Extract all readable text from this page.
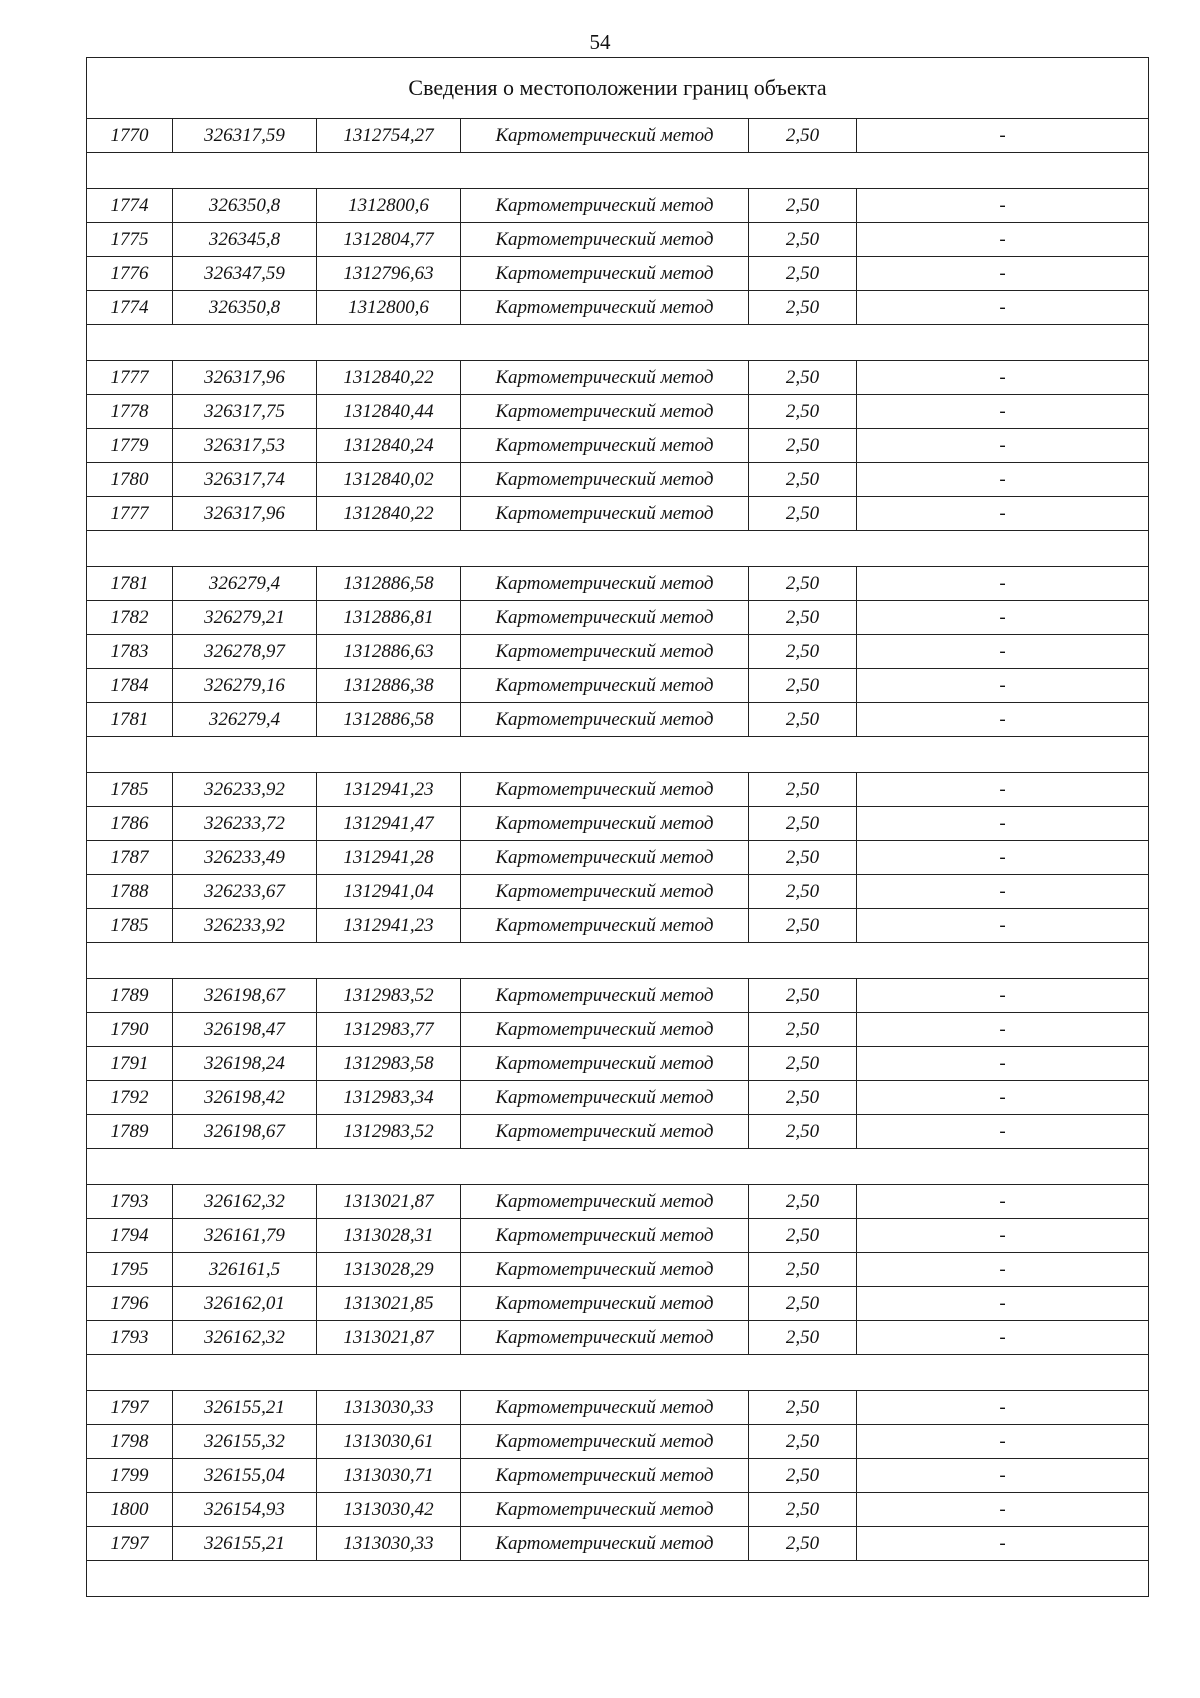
54
Сведения о местоположении границ объекта					
1770	326317,59	1312754,27	Картометрический метод	2,50	-

1774	326350,8	1312800,6	Картометрический метод	2,50	-
1775	326345,8	1312804,77	Картометрический метод	2,50	-
1776	326347,59	1312796,63	Картометрический метод	2,50	-
1774	326350,8	1312800,6	Картометрический метод	2,50	-

1777	326317,96	1312840,22	Картометрический метод	2,50	-
1778	326317,75	1312840,44	Картометрический метод	2,50	-
1779	326317,53	1312840,24	Картометрический метод	2,50	-
1780	326317,74	1312840,02	Картометрический метод	2,50	-
1777	326317,96	1312840,22	Картометрический метод	2,50	-

1781	326279,4	1312886,58	Картометрический метод	2,50	-
1782	326279,21	1312886,81	Картометрический метод	2,50	-
1783	326278,97	1312886,63	Картометрический метод	2,50	-
1784	326279,16	1312886,38	Картометрический метод	2,50	-
1781	326279,4	1312886,58	Картометрический метод	2,50	-

1785	326233,92	1312941,23	Картометрический метод	2,50	-
1786	326233,72	1312941,47	Картометрический метод	2,50	-
1787	326233,49	1312941,28	Картометрический метод	2,50	-
1788	326233,67	1312941,04	Картометрический метод	2,50	-
1785	326233,92	1312941,23	Картометрический метод	2,50	-

1789	326198,67	1312983,52	Картометрический метод	2,50	-
1790	326198,47	1312983,77	Картометрический метод	2,50	-
1791	326198,24	1312983,58	Картометрический метод	2,50	-
1792	326198,42	1312983,34	Картометрический метод	2,50	-
1789	326198,67	1312983,52	Картометрический метод	2,50	-

1793	326162,32	1313021,87	Картометрический метод	2,50	-
1794	326161,79	1313028,31	Картометрический метод	2,50	-
1795	326161,5	1313028,29	Картометрический метод	2,50	-
1796	326162,01	1313021,85	Картометрический метод	2,50	-
1793	326162,32	1313021,87	Картометрический метод	2,50	-

1797	326155,21	1313030,33	Картометрический метод	2,50	-
1798	326155,32	1313030,61	Картометрический метод	2,50	-
1799	326155,04	1313030,71	Картометрический метод	2,50	-
1800	326154,93	1313030,42	Картометрический метод	2,50	-
1797	326155,21	1313030,33	Картометрический метод	2,50	-
